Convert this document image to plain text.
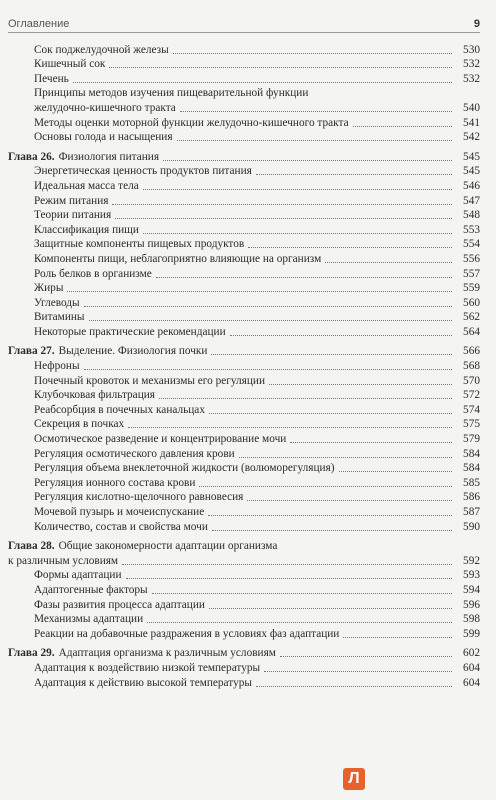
Оглавление	9
Сок поджелудочной железы	530
Кишечный сок	532
Печень	532
Принципы методов изучения пищеварительной функции
желудочно-кишечного тракта	540
Методы оценки моторной функции желудочно-кишечного тракта	541
Основы голода и насыщения	542
Глава 26. Физиология питания	545
Энергетическая ценность продуктов питания	545
Идеальная масса тела	546
Режим питания	547
Теории питания	548
Классификация пищи	553
Защитные компоненты пищевых продуктов	554
Компоненты пищи, неблагоприятно влияющие на организм	556
Роль белков в организме	557
Жиры	559
Углеводы	560
Витамины	562
Некоторые практические рекомендации	564
Глава 27. Выделение. Физиология почки	566
Нефроны	568
Почечный кровоток и механизмы его регуляции	570
Клубочковая фильтрация	572
Реабсорбция в почечных канальцах	574
Секреция в почках	575
Осмотическое разведение и концентрирование мочи	579
Регуляция осмотического давления крови	584
Регуляция объема внеклеточной жидкости (волюморегуляция)	584
Регуляция ионного состава крови	585
Регуляция кислотно-щелочного равновесия	586
Мочевой пузырь и мочеиспускание	587
Количество, состав и свойства мочи	590
Глава 28. Общие закономерности адаптации организма
к различным условиям	592
Формы адаптации	593
Адаптогенные факторы	594
Фазы развития процесса адаптации	596
Механизмы адаптации	598
Реакции на добавочные раздражения в условиях фаз адаптации	599
Глава 29. Адаптация организма к различным условиям	602
Адаптация к воздействию низкой температуры	604
Адаптация к действию высокой температуры	604
Л
